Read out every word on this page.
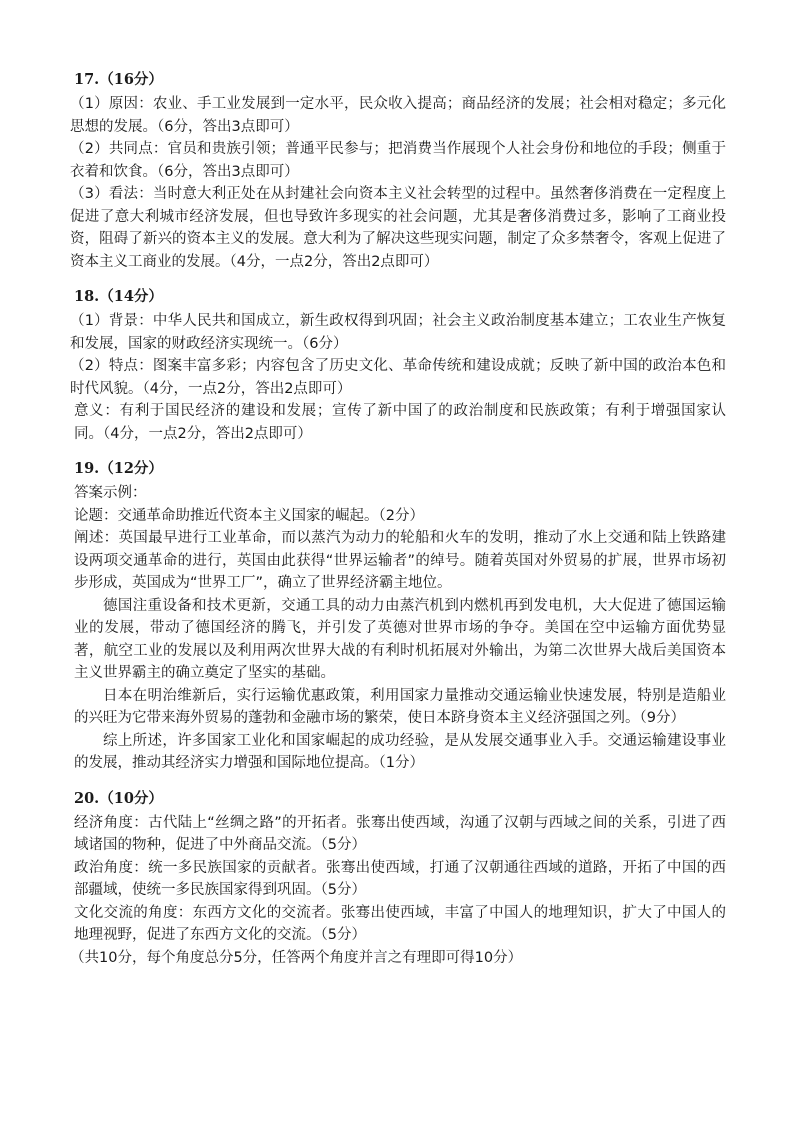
17.（16分）

（1）原因：农业、手工业发展到一定水平，民众收入提高；商品经济的发展；社会相对稳定；多元化思想的发展。（6分，答出3点即可）

（2）共同点：官员和贵族引领；普通平民参与；把消费当作展现个人社会身份和地位的手段；侧重于衣着和饮食。（6分，答出3点即可）

（3）看法：当时意大利正处在从封建社会向资本主义社会转型的过程中。虽然奢侈消费在一定程度上促进了意大利城市经济发展，但也导致许多现实的社会问题，尤其是奢侈消费过多，影响了工商业投资，阻碍了新兴的资本主义的发展。意大利为了解决这些现实问题，制定了众多禁奢令，客观上促进了资本主义工商业的发展。（4分，一点2分，答出2点即可）

18.（14分）

（1）背景：中华人民共和国成立，新生政权得到巩固；社会主义政治制度基本建立；工农业生产恢复和发展，国家的财政经济实现统一。（6分）

（2）特点：图案丰富多彩；内容包含了历史文化、革命传统和建设成就；反映了新中国的政治本色和时代风貌。（4分，一点2分，答出2点即可）

意义：有利于国民经济的建设和发展；宣传了新中国了的政治制度和民族政策；有利于增强国家认同。（4分，一点2分，答出2点即可）

19.（12分）

答案示例：

论题：交通革命助推近代资本主义国家的崛起。（2分）

阐述：英国最早进行工业革命，而以蒸汽为动力的轮船和火车的发明，推动了水上交通和陆上铁路建设两项交通革命的进行，英国由此获得“世界运输者”的绰号。随着英国对外贸易的扩展，世界市场初步形成，英国成为“世界工厂”，确立了世界经济霸主地位。

德国注重设备和技术更新，交通工具的动力由蒸汽机到内燃机再到发电机，大大促进了德国运输业的发展，带动了德国经济的腾飞，并引发了英德对世界市场的争夺。美国在空中运输方面优势显著，航空工业的发展以及利用两次世界大战的有利时机拓展对外输出，为第二次世界大战后美国资本主义世界霸主的确立奠定了坚实的基础。

日本在明治维新后，实行运输优惠政策，利用国家力量推动交通运输业快速发展，特别是造船业的兴旺为它带来海外贸易的蓬勃和金融市场的繁荣，使日本跻身资本主义经济强国之列。（9分）

综上所述，许多国家工业化和国家崛起的成功经验，是从发展交通事业入手。交通运输建设事业的发展，推动其经济实力增强和国际地位提高。（1分）

20.（10分）

经济角度：古代陆上“丝绸之路”的开拓者。张骞出使西域，沟通了汉朝与西域之间的关系，引进了西域诸国的物种，促进了中外商品交流。（5分）

政治角度：统一多民族国家的贡献者。张骞出使西域，打通了汉朝通往西域的道路，开拓了中国的西部疆域，使统一多民族国家得到巩固。（5分）

文化交流的角度：东西方文化的交流者。张骞出使西域，丰富了中国人的地理知识，扩大了中国人的地理视野，促进了东西方文化的交流。（5分）

（共10分，每个角度总分5分，任答两个角度并言之有理即可得10分）
